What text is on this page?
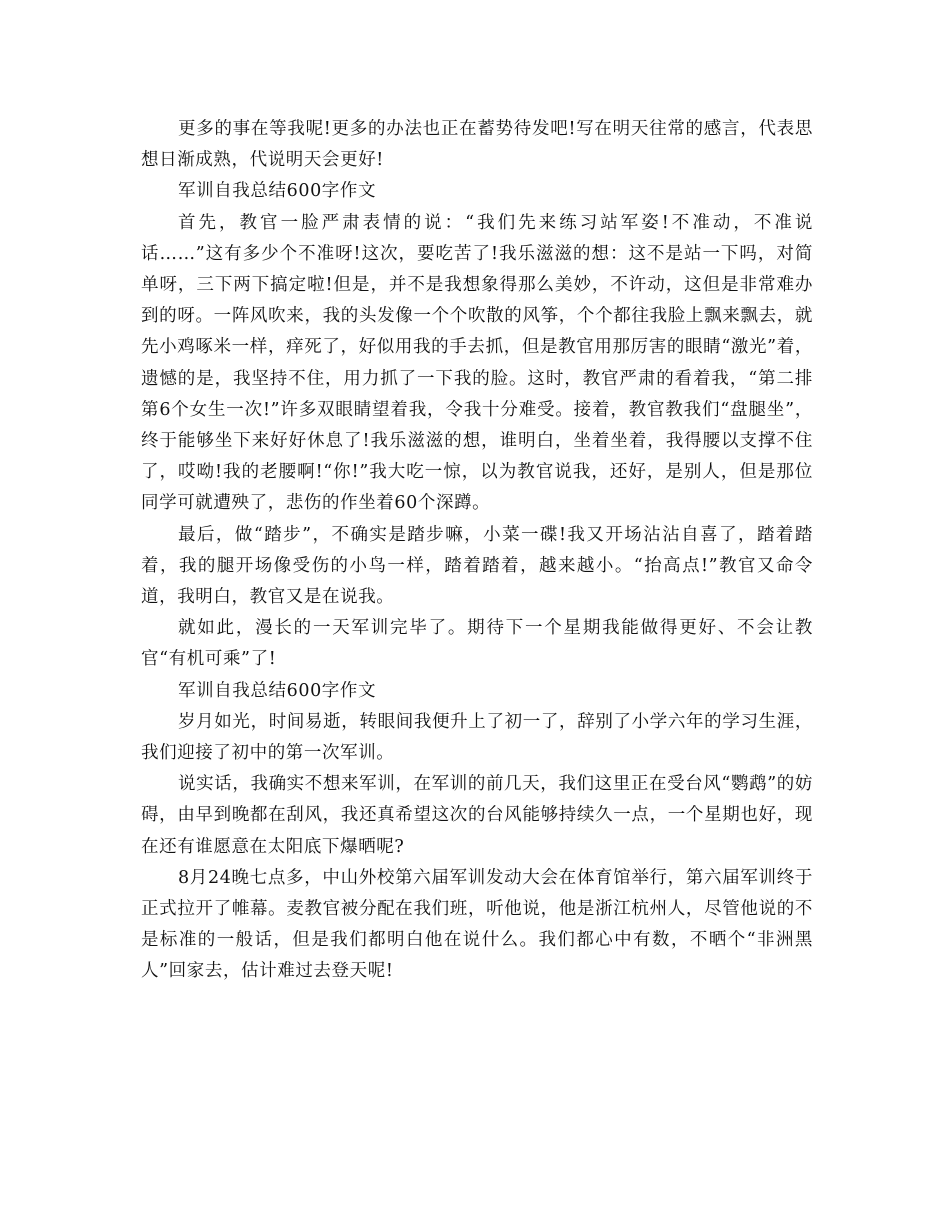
更多的事在等我呢!更多的办法也正在蓄势待发吧!写在明天往常的感言，代表思想日渐成熟，代说明天会更好!

军训自我总结600字作文

首先，教官一脸严肃表情的说：“我们先来练习站军姿!不准动，不准说话……”这有多少个不准呀!这次，要吃苦了!我乐滋滋的想：这不是站一下吗，对简单呀，三下两下搞定啦!但是，并不是我想象得那么美妙，不许动，这但是非常难办到的呀。一阵风吹来，我的头发像一个个吹散的风筝，个个都往我脸上飘来飘去，就先小鸡啄米一样，痒死了，好似用我的手去抓，但是教官用那厉害的眼睛“激光”着，遗憾的是，我坚持不住，用力抓了一下我的脸。这时，教官严肃的看着我，“第二排第6个女生一次!”许多双眼睛望着我，令我十分难受。接着，教官教我们“盘腿坐”，终于能够坐下来好好休息了!我乐滋滋的想，谁明白，坐着坐着，我得腰以支撑不住了，哎呦!我的老腰啊!“你!”我大吃一惊，以为教官说我，还好，是别人，但是那位同学可就遭殃了，悲伤的作坐着60个深蹲。

最后，做“踏步”，不确实是踏步嘛，小菜一碟!我又开场沾沾自喜了，踏着踏着，我的腿开场像受伤的小鸟一样，踏着踏着，越来越小。“抬高点!”教官又命令道，我明白，教官又是在说我。

就如此，漫长的一天军训完毕了。期待下一个星期我能做得更好、不会让教官“有机可乘”了!

军训自我总结600字作文

岁月如光，时间易逝，转眼间我便升上了初一了，辞别了小学六年的学习生涯，我们迎接了初中的第一次军训。

说实话，我确实不想来军训，在军训的前几天，我们这里正在受台风“鹦鹉”的妨碍，由早到晚都在刮风，我还真希望这次的台风能够持续久一点，一个星期也好，现在还有谁愿意在太阳底下爆晒呢?

8月24晚七点多，中山外校第六届军训发动大会在体育馆举行，第六届军训终于正式拉开了帷幕。麦教官被分配在我们班，听他说，他是浙江杭州人，尽管他说的不是标准的一般话，但是我们都明白他在说什么。我们都心中有数，不晒个“非洲黑人”回家去，估计难过去登天呢!
